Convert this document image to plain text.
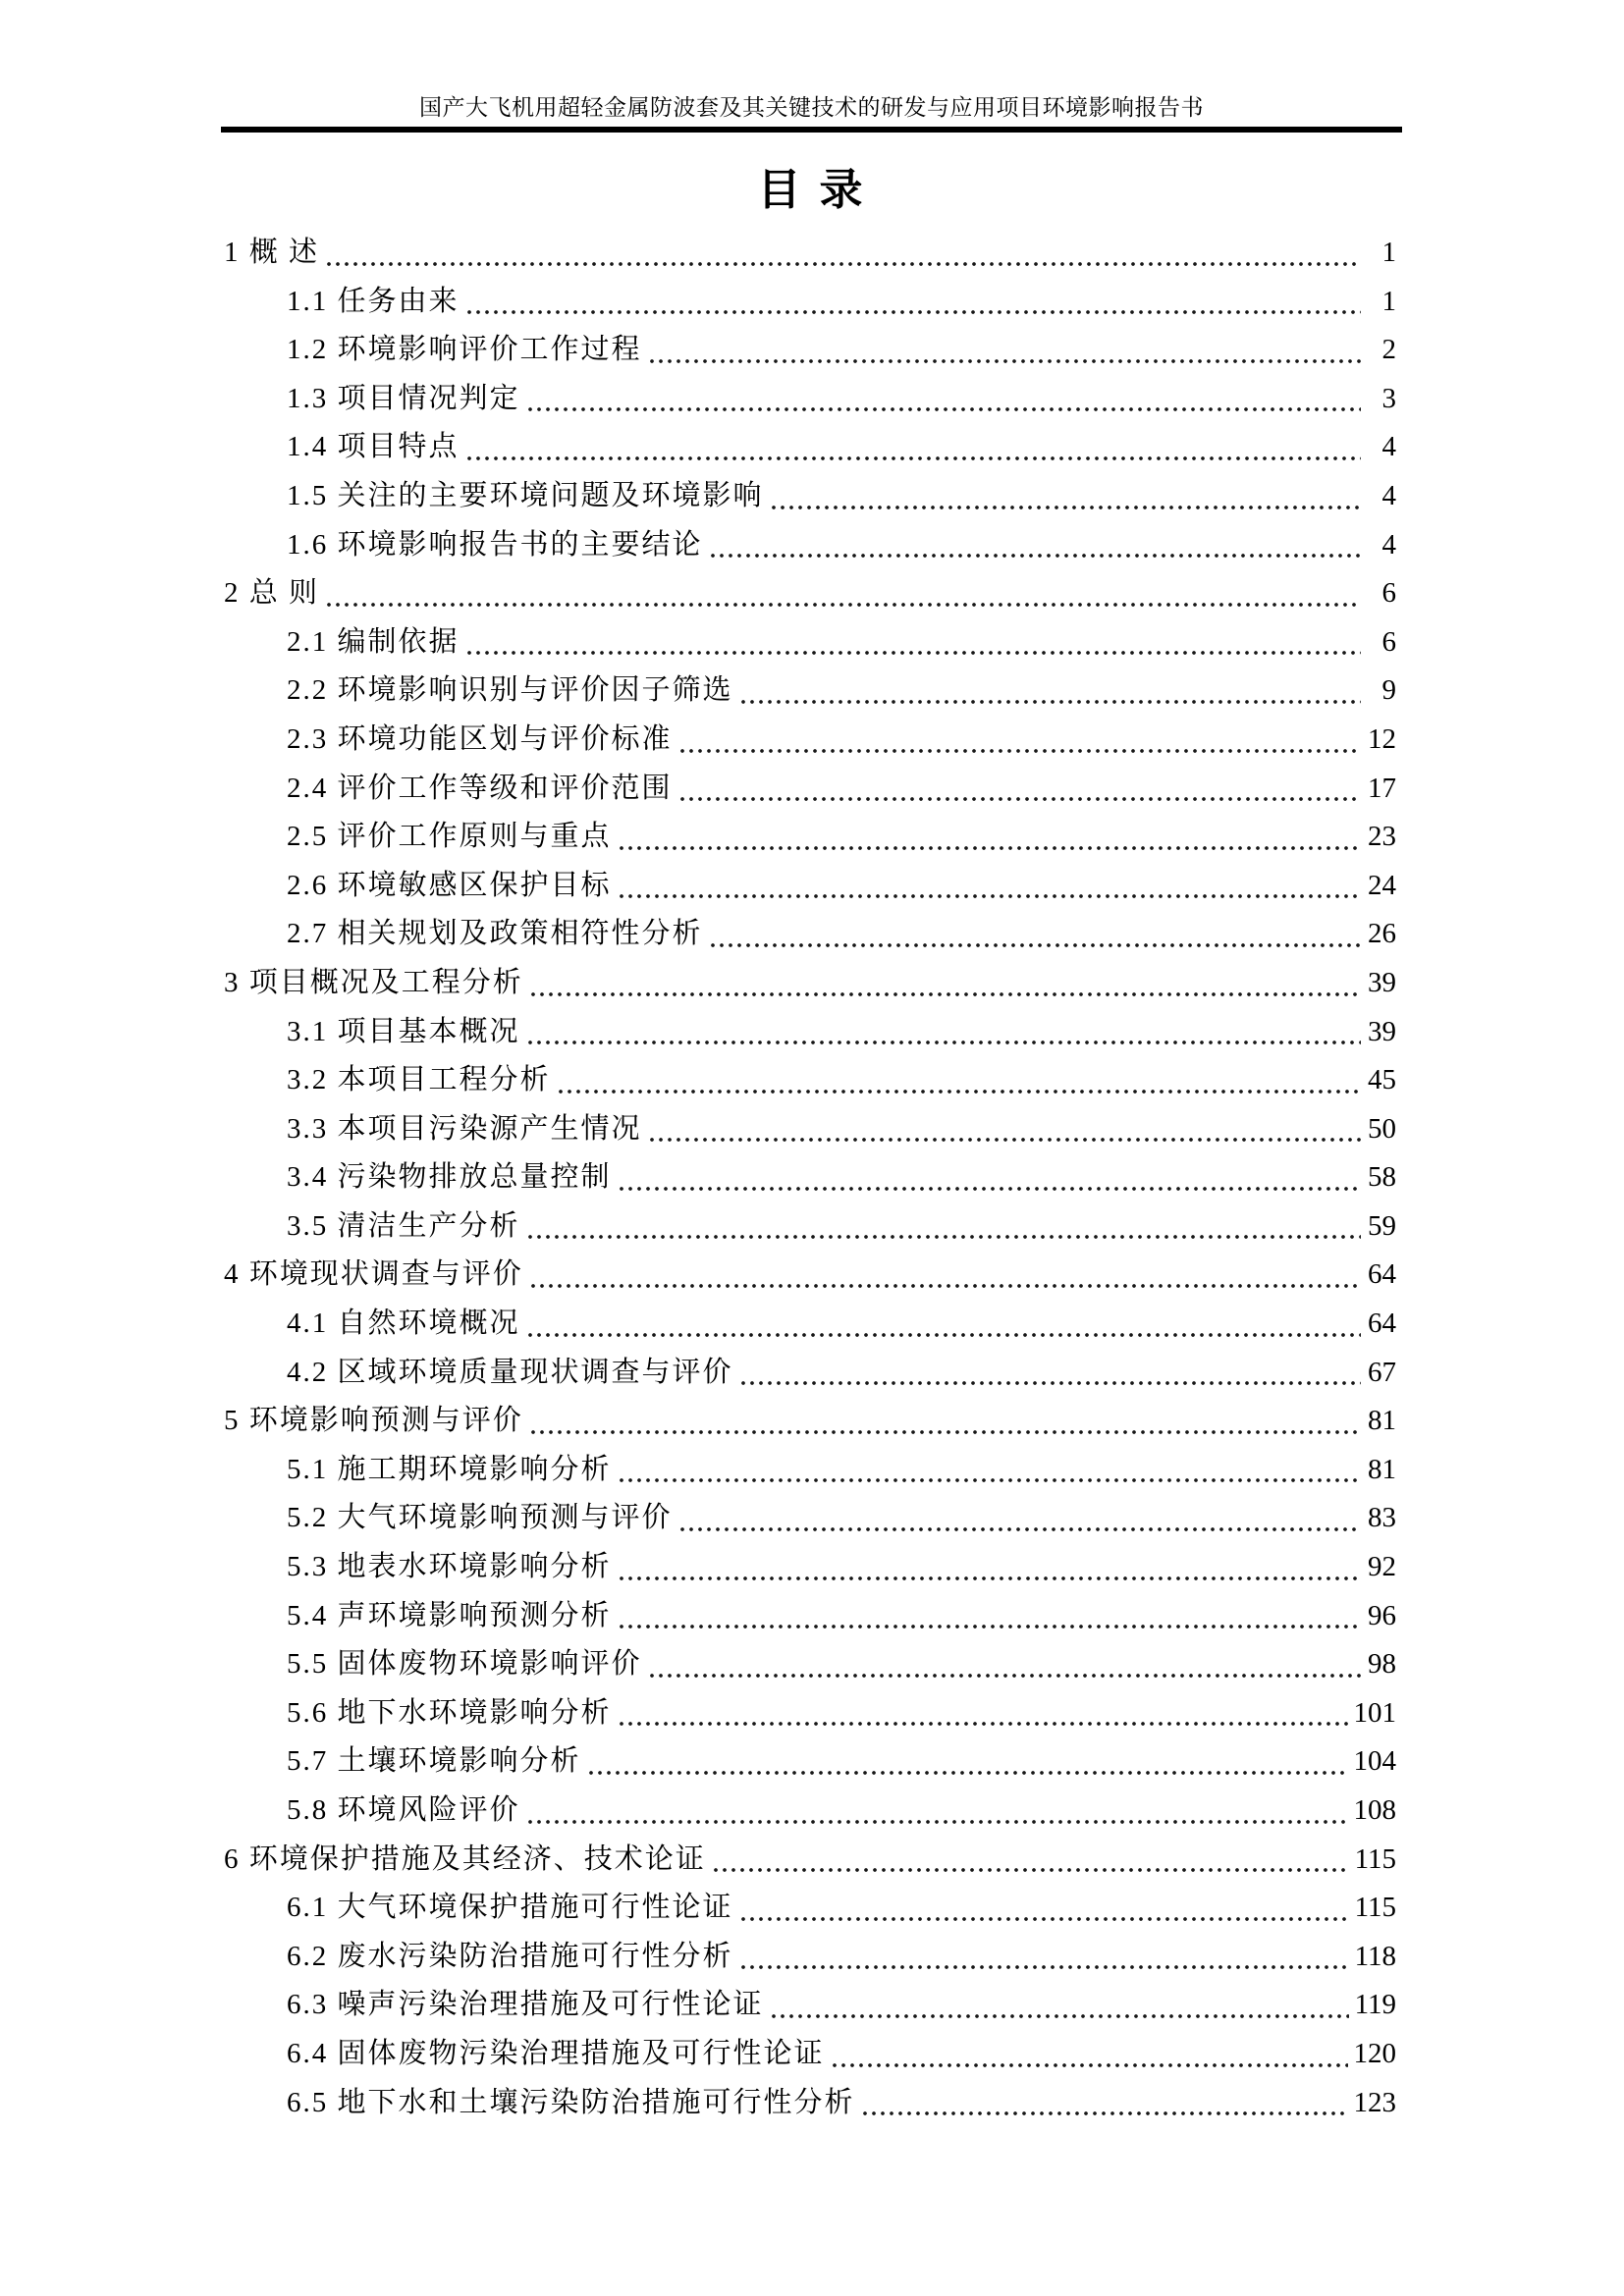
国产大飞机用超轻金属防波套及其关键技术的研发与应用项目环境影响报告书
目 录
1 概 述	1
1.1 任务由来	1
1.2 环境影响评价工作过程	2
1.3 项目情况判定	3
1.4 项目特点	4
1.5 关注的主要环境问题及环境影响	4
1.6 环境影响报告书的主要结论	4
2 总 则	6
2.1 编制依据	6
2.2 环境影响识别与评价因子筛选	9
2.3 环境功能区划与评价标准	12
2.4 评价工作等级和评价范围	17
2.5 评价工作原则与重点	23
2.6 环境敏感区保护目标	24
2.7 相关规划及政策相符性分析	26
3 项目概况及工程分析	39
3.1 项目基本概况	39
3.2 本项目工程分析	45
3.3 本项目污染源产生情况	50
3.4 污染物排放总量控制	58
3.5 清洁生产分析	59
4 环境现状调查与评价	64
4.1 自然环境概况	64
4.2 区域环境质量现状调查与评价	67
5 环境影响预测与评价	81
5.1 施工期环境影响分析	81
5.2 大气环境影响预测与评价	83
5.3 地表水环境影响分析	92
5.4 声环境影响预测分析	96
5.5 固体废物环境影响评价	98
5.6 地下水环境影响分析	101
5.7 土壤环境影响分析	104
5.8 环境风险评价	108
6 环境保护措施及其经济、技术论证	115
6.1 大气环境保护措施可行性论证	115
6.2 废水污染防治措施可行性分析	118
6.3 噪声污染治理措施及可行性论证	119
6.4 固体废物污染治理措施及可行性论证	120
6.5 地下水和土壤污染防治措施可行性分析	123
